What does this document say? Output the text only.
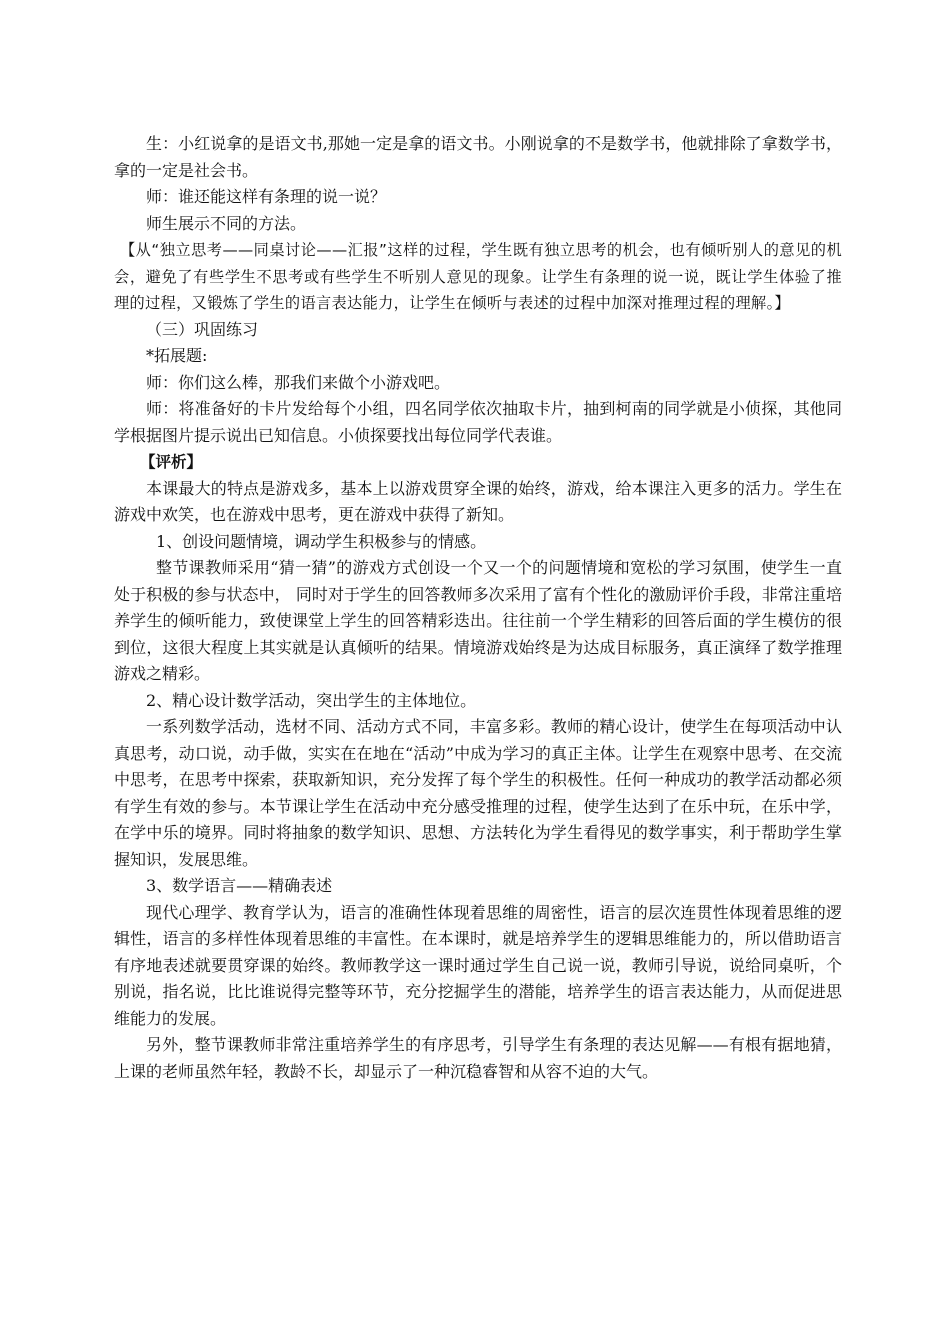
生：小红说拿的是语文书,那她一定是拿的语文书。小刚说拿的不是数学书，他就排除了拿数学书，拿的一定是社会书。

师：谁还能这样有条理的说一说？

师生展示不同的方法。

【从“独立思考——同桌讨论——汇报”这样的过程，学生既有独立思考的机会，也有倾听别人的意见的机会，避免了有些学生不思考或有些学生不听别人意见的现象。让学生有条理的说一说，既让学生体验了推理的过程，又锻炼了学生的语言表达能力，让学生在倾听与表述的过程中加深对推理过程的理解。】

（三）巩固练习

*拓展题:

师：你们这么棒，那我们来做个小游戏吧。

师：将准备好的卡片发给每个小组，四名同学依次抽取卡片，抽到柯南的同学就是小侦探，其他同学根据图片提示说出已知信息。小侦探要找出每位同学代表谁。

【评析】

本课最大的特点是游戏多，基本上以游戏贯穿全课的始终，游戏，给本课注入更多的活力。学生在游戏中欢笑，也在游戏中思考，更在游戏中获得了新知。

1、创设问题情境，调动学生积极参与的情感。

整节课教师采用“猜一猜”的游戏方式创设一个又一个的问题情境和宽松的学习氛围，使学生一直处于积极的参与状态中， 同时对于学生的回答教师多次采用了富有个性化的激励评价手段，非常注重培养学生的倾听能力，致使课堂上学生的回答精彩迭出。往往前一个学生精彩的回答后面的学生模仿的很到位，这很大程度上其实就是认真倾听的结果。情境游戏始终是为达成目标服务，真正演绎了数学推理游戏之精彩。

2、精心设计数学活动，突出学生的主体地位。

一系列数学活动，选材不同、活动方式不同，丰富多彩。教师的精心设计，使学生在每项活动中认真思考，动口说，动手做，实实在在地在“活动”中成为学习的真正主体。让学生在观察中思考、在交流中思考，在思考中探索，获取新知识，充分发挥了每个学生的积极性。任何一种成功的教学活动都必须有学生有效的参与。本节课让学生在活动中充分感受推理的过程，使学生达到了在乐中玩，在乐中学，在学中乐的境界。同时将抽象的数学知识、思想、方法转化为学生看得见的数学事实，利于帮助学生掌握知识，发展思维。

3、数学语言——精确表述

现代心理学、教育学认为，语言的准确性体现着思维的周密性，语言的层次连贯性体现着思维的逻辑性，语言的多样性体现着思维的丰富性。在本课时，就是培养学生的逻辑思维能力的，所以借助语言有序地表述就要贯穿课的始终。教师教学这一课时通过学生自己说一说，教师引导说，说给同桌听，个别说，指名说，比比谁说得完整等环节，充分挖掘学生的潜能，培养学生的语言表达能力，从而促进思维能力的发展。

另外，整节课教师非常注重培养学生的有序思考，引导学生有条理的表达见解——有根有据地猜，上课的老师虽然年轻，教龄不长，却显示了一种沉稳睿智和从容不迫的大气。
